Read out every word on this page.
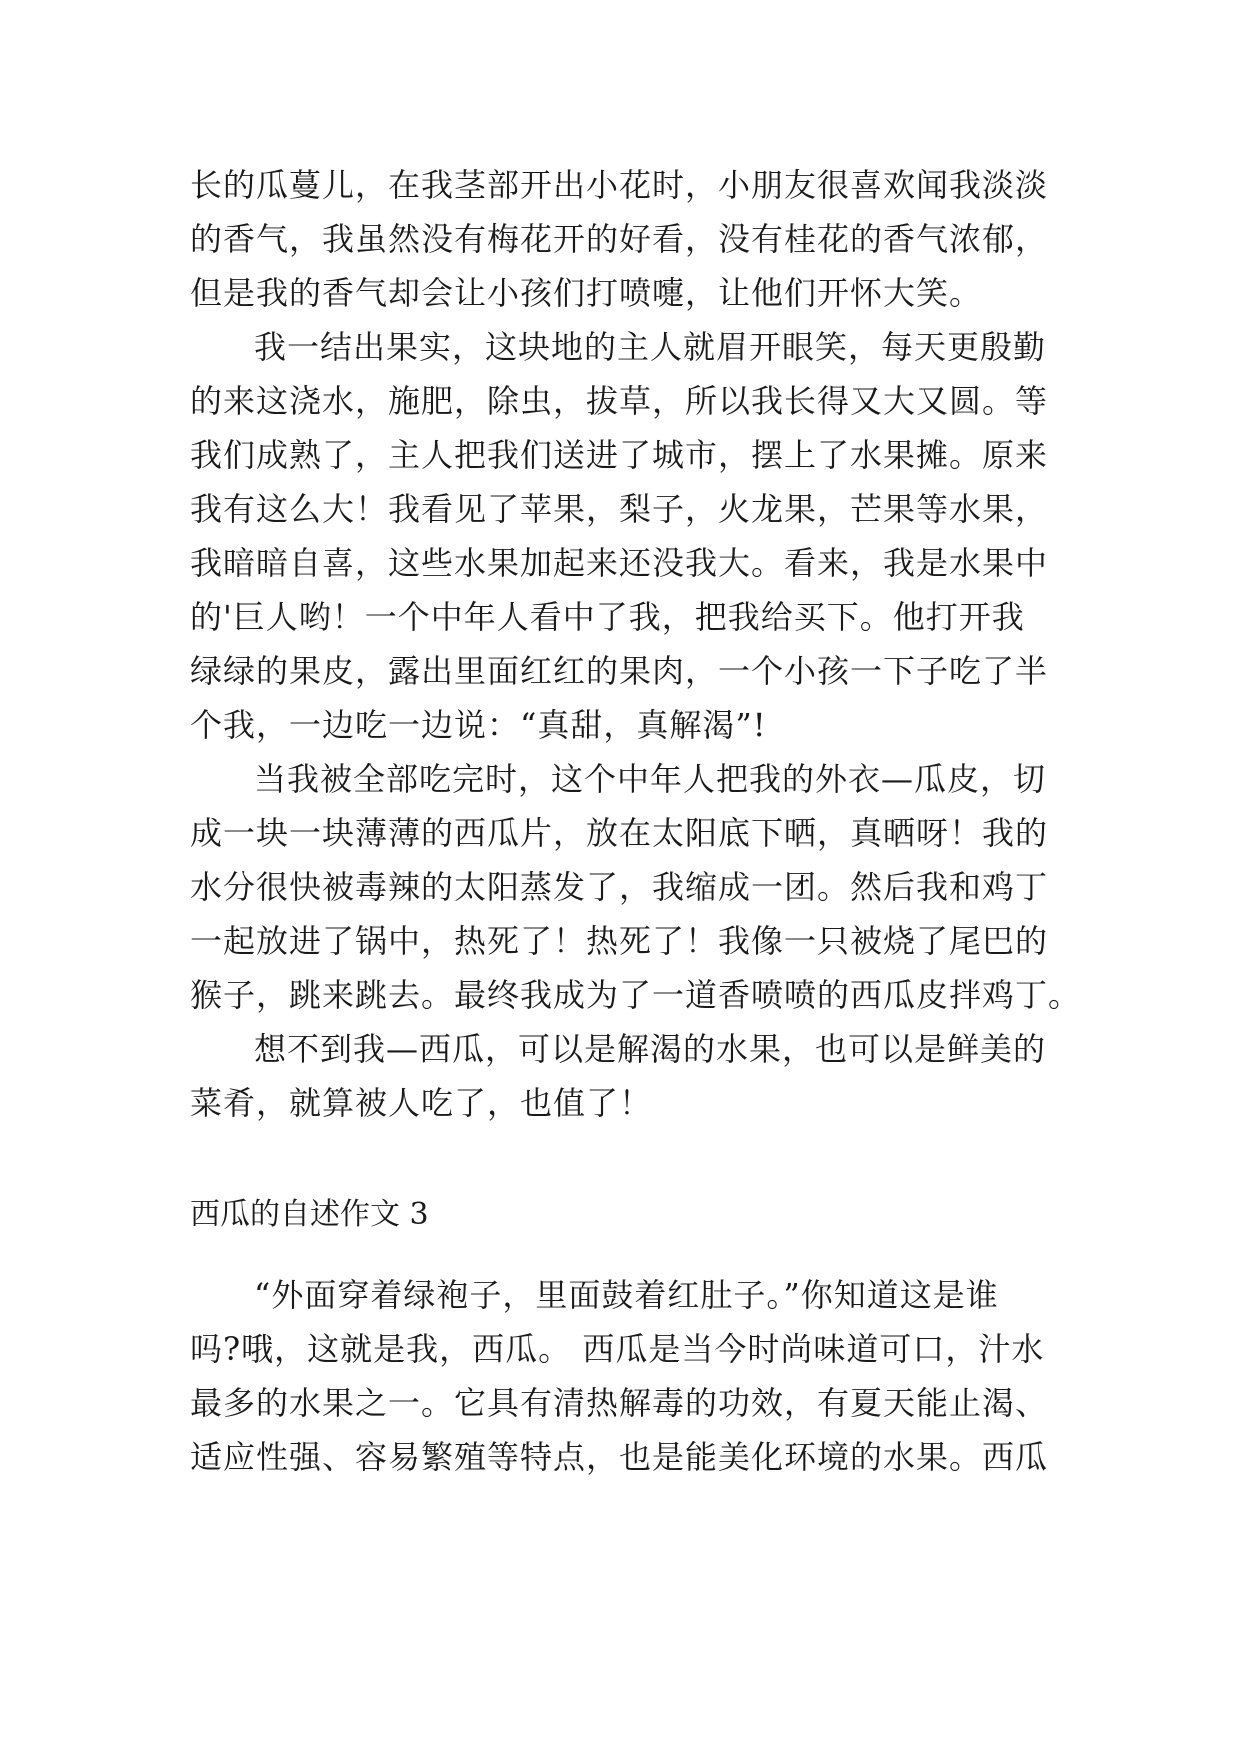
长的瓜蔓儿，在我茎部开出小花时，小朋友很喜欢闻我淡淡
的香气，我虽然没有梅花开的好看，没有桂花的香气浓郁，
但是我的香气却会让小孩们打喷嚏，让他们开怀大笑。
我一结出果实，这块地的主人就眉开眼笑，每天更殷勤
的来这浇水，施肥，除虫，拔草，所以我长得又大又圆。等
我们成熟了，主人把我们送进了城市，摆上了水果摊。原来
我有这么大！我看见了苹果，梨子，火龙果，芒果等水果，
我暗暗自喜，这些水果加起来还没我大。看来，我是水果中
的'巨人哟！一个中年人看中了我，把我给买下。他打开我
绿绿的果皮，露出里面红红的果肉，一个小孩一下子吃了半
个我，一边吃一边说：“真甜，真解渴”!
当我被全部吃完时，这个中年人把我的外衣—瓜皮，切
成一块一块薄薄的西瓜片，放在太阳底下晒，真晒呀！我的
水分很快被毒辣的太阳蒸发了，我缩成一团。然后我和鸡丁
一起放进了锅中，热死了！热死了！我像一只被烧了尾巴的
猴子，跳来跳去。最终我成为了一道香喷喷的西瓜皮拌鸡丁。
想不到我—西瓜，可以是解渴的水果，也可以是鲜美的
菜肴，就算被人吃了，也值了！
西瓜的自述作文 3
“外面穿着绿袍子，里面鼓着红肚子。”你知道这是谁
吗?哦，这就是我，西瓜。 西瓜是当今时尚味道可口，汁水
最多的水果之一。它具有清热解毒的功效，有夏天能止渴、
适应性强、容易繁殖等特点，也是能美化环境的水果。西瓜
